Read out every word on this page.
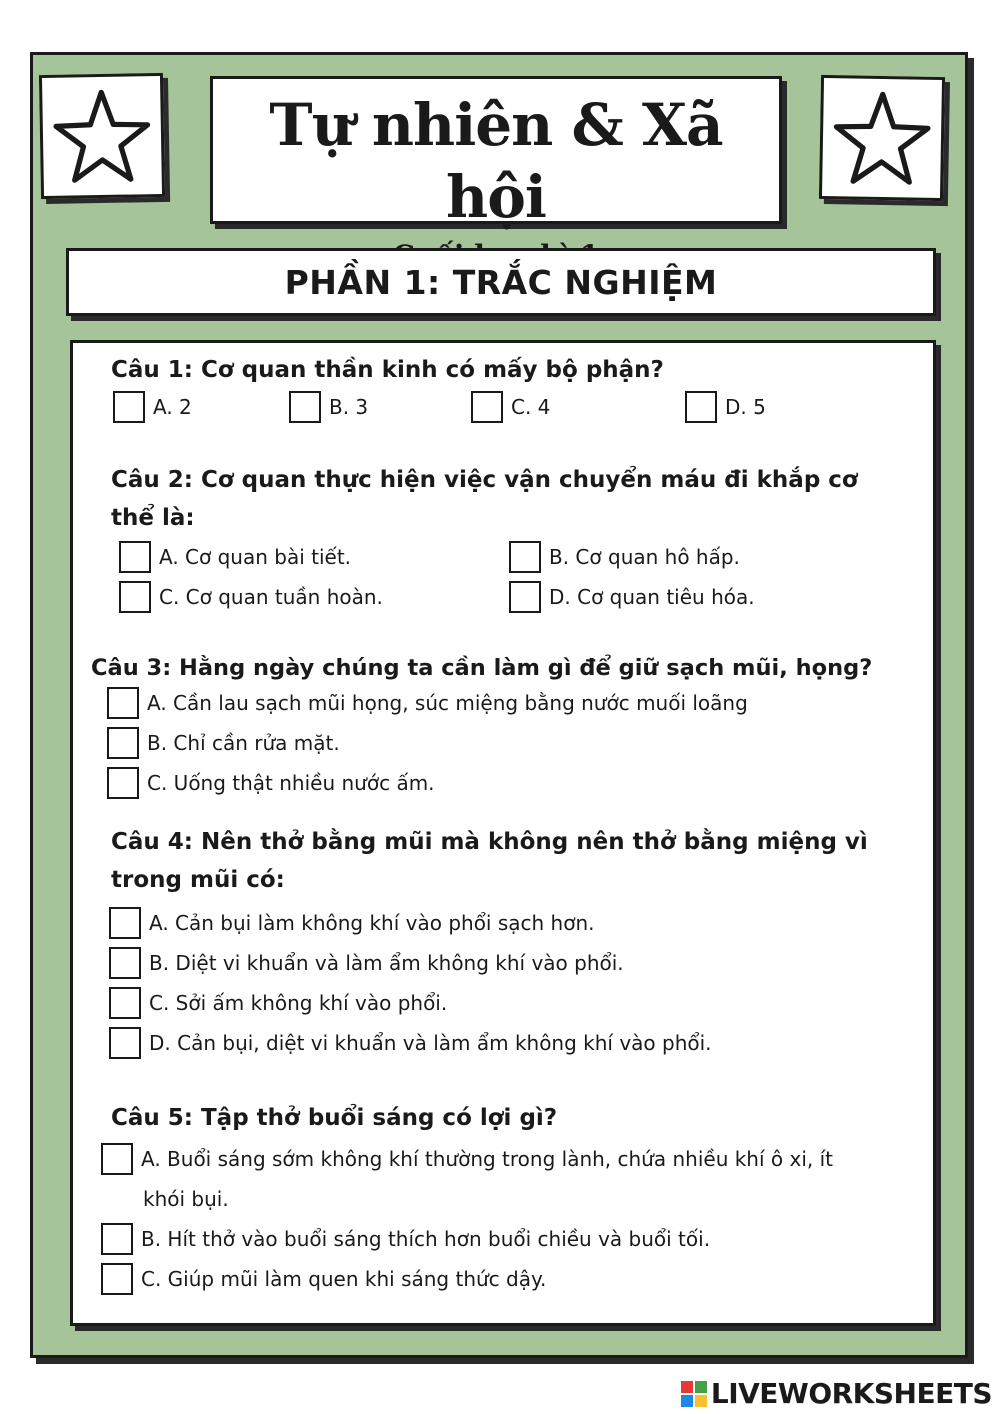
Tự nhiên & Xã hội
PHẦN 1: TRẮC NGHIỆM
Câu 1: Cơ quan thần kinh có mấy bộ phận?
A. 2	B. 3	C. 4	D. 5
Câu 2: Cơ quan thực hiện việc vận chuyển máu đi khắp cơ
thể là:
A. Cơ quan bài tiết.	B. Cơ quan hô hấp.
C. Cơ quan tuần hoàn.	D. Cơ quan tiêu hóa.
Câu 3: Hằng ngày chúng ta cần làm gì để giữ sạch mũi, họng?
A. Cần lau sạch mũi họng, súc miệng bằng nước muối loãng
B. Chỉ cần rửa mặt.
C. Uống thật nhiều nước ấm.
Câu 4: Nên thở bằng mũi mà không nên thở bằng miệng vì
trong mũi có:
A. Cản bụi làm không khí vào phổi sạch hơn.
B. Diệt vi khuẩn và làm ẩm không khí vào phổi.
C. Sởi ấm không khí vào phổi.
D. Cản bụi, diệt vi khuẩn và làm ẩm không khí vào phổi.
Câu 5: Tập thở buổi sáng có lợi gì?
A. Buổi sáng sớm không khí thường trong lành, chứa nhiều khí ô xi, ít
khói bụi.
B. Hít thở vào buổi sáng thích hơn buổi chiều và buổi tối.
C. Giúp mũi làm quen khi sáng thức dậy.
LIVEWORKSHEETS
